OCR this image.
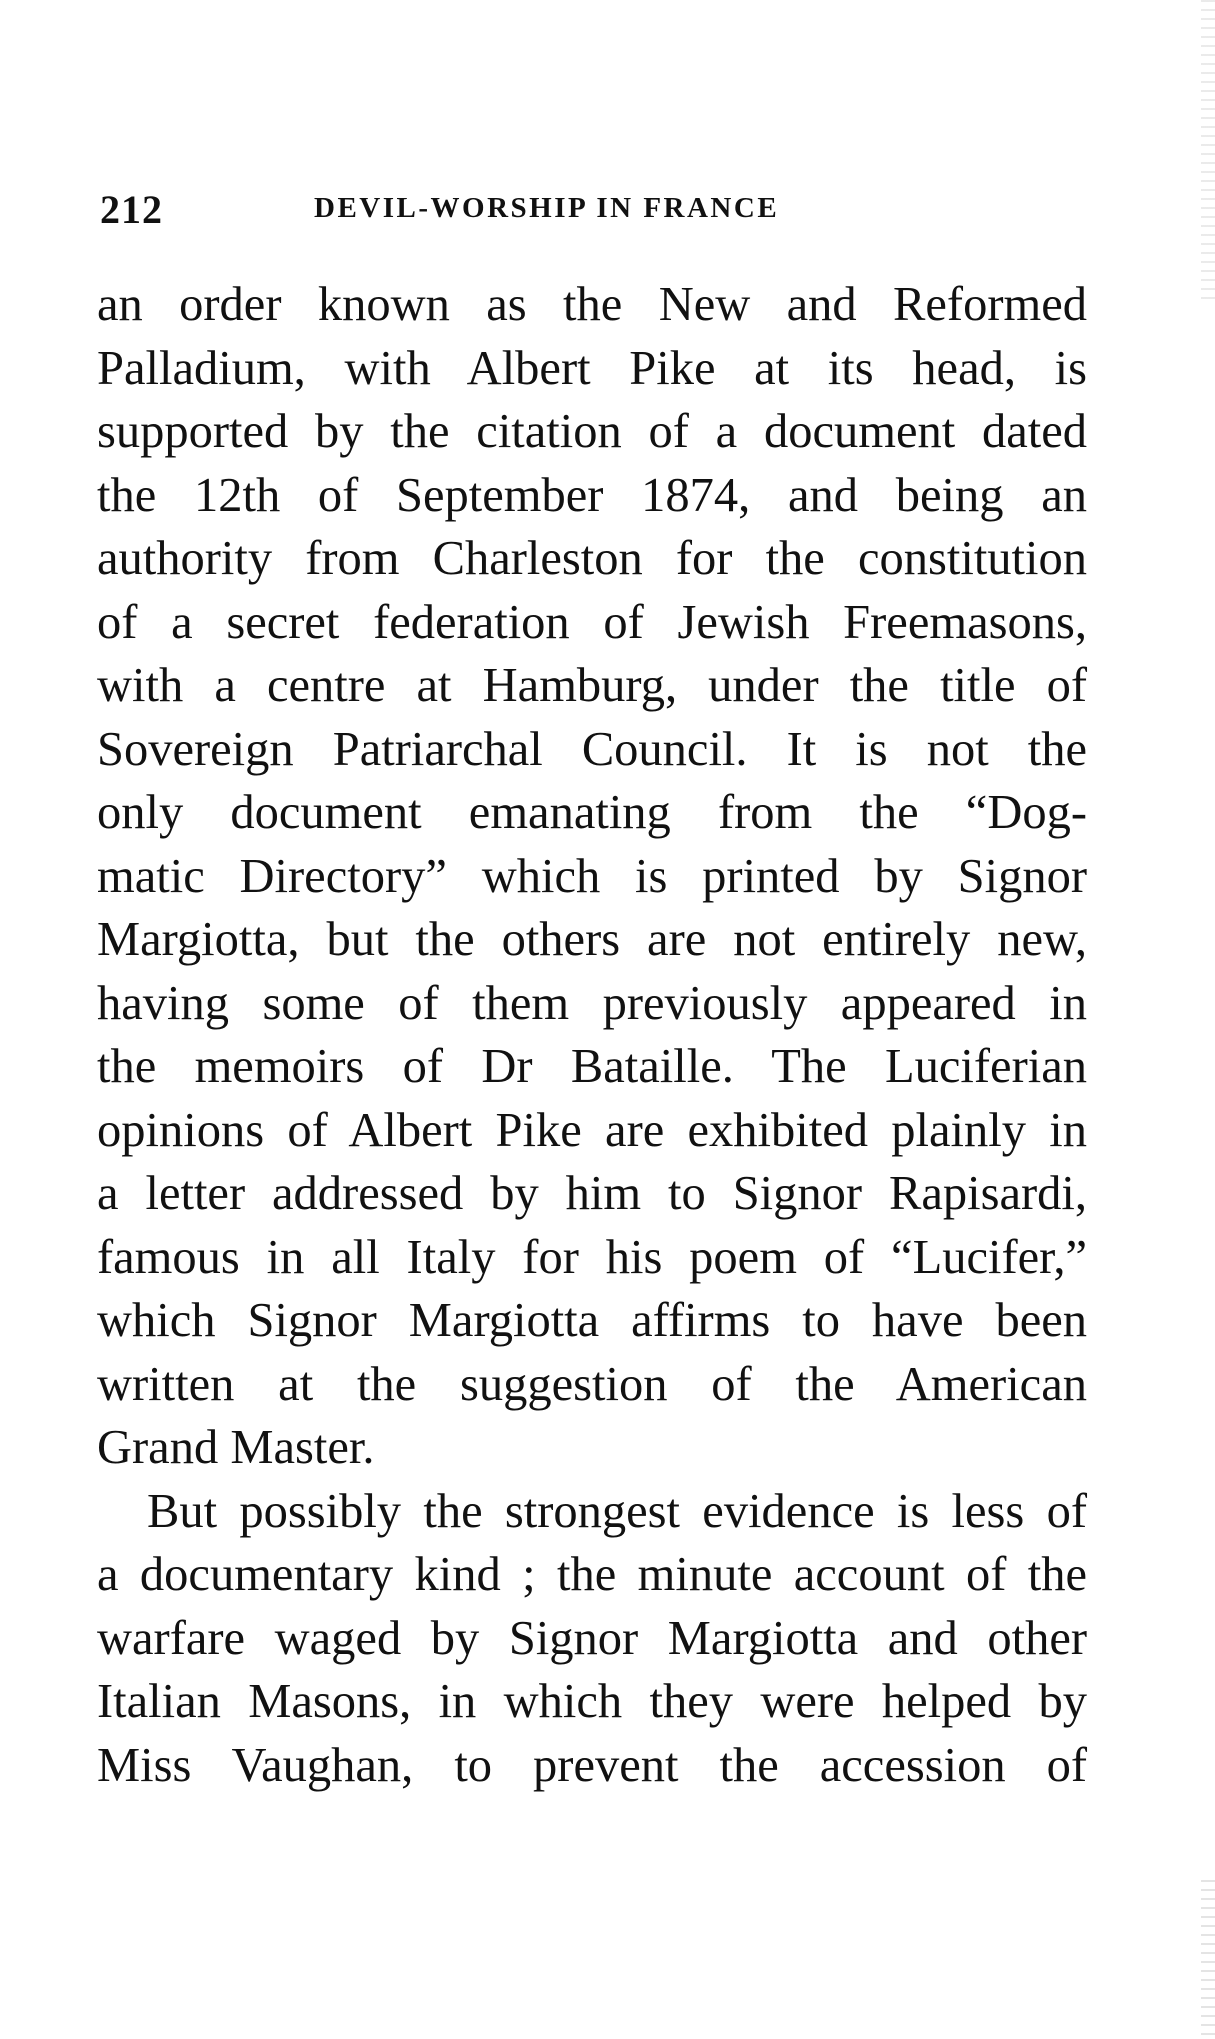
212	DEVIL-WORSHIP IN FRANCE

an order known as the New and Reformed
Palladium, with Albert Pike at its head, is
supported by the citation of a document dated
the 12th of September 1874, and being an
authority from Charleston for the constitution
of a secret federation of Jewish Freemasons,
with a centre at Hamburg, under the title of
Sovereign Patriarchal Council. It is not the
only document emanating from the “Dog-
matic Directory” which is printed by Signor
Margiotta, but the others are not entirely new,
having some of them previously appeared in
the memoirs of Dr Bataille. The Luciferian
opinions of Albert Pike are exhibited plainly in
a letter addressed by him to Signor Rapisardi,
famous in all Italy for his poem of “Lucifer,”
which Signor Margiotta affirms to have been
written at the suggestion of the American
Grand Master.

But possibly the strongest evidence is less of
a documentary kind ; the minute account of the
warfare waged by Signor Margiotta and other
Italian Masons, in which they were helped by
Miss Vaughan, to prevent the accession of
